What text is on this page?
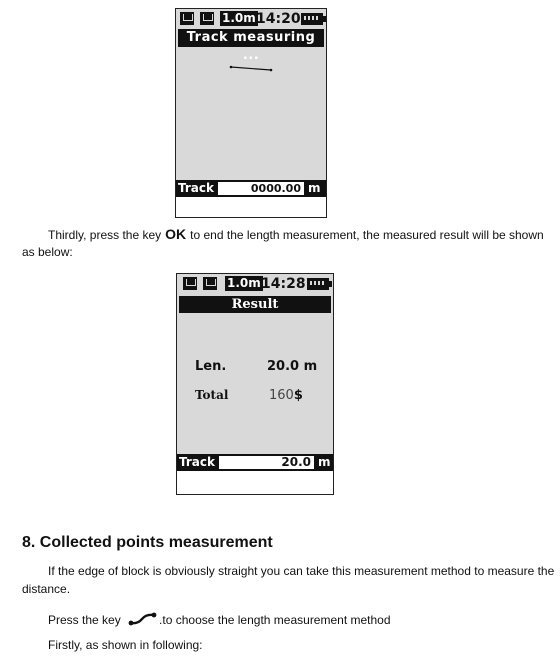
1.0m 14:20
Track measuring ...
Track	0000.00 m

Thirdly, press the key OK to end the length measurement, the measured result will be shown

as below:

1.0m 14:28
Result
Len.	20.0 m
Total	160$
Track	20.0 m
8. Collected points measurement

If the edge of block is obviously straight you can take this measurement method to measure the

distance.

Press the key	.to choose the length measurement method

Firstly, as shown in following:
